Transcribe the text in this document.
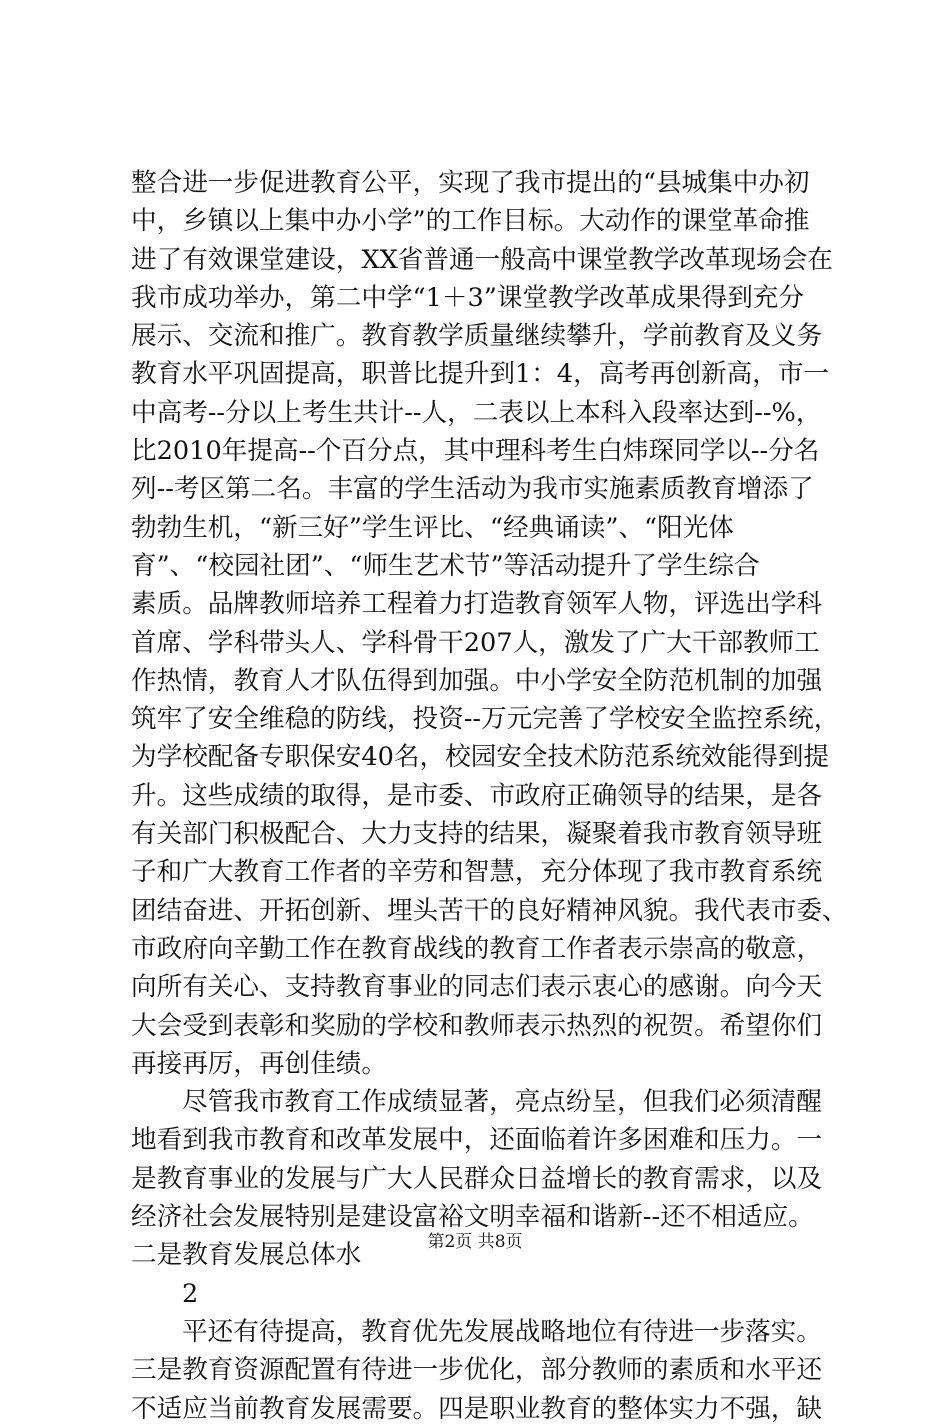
整合进一步促进教育公平，实现了我市提出的“县城集中办初
中，乡镇以上集中办小学”的工作目标。大动作的课堂革命推
进了有效课堂建设，XX省普通一般高中课堂教学改革现场会在
我市成功举办，第二中学“1＋3”课堂教学改革成果得到充分
展示、交流和推广。教育教学质量继续攀升，学前教育及义务
教育水平巩固提高，职普比提升到1：4，高考再创新高，市一
中高考--分以上考生共计--人，二表以上本科入段率达到--%，
比2010年提高--个百分点，其中理科考生白炜琛同学以--分名
列--考区第二名。丰富的学生活动为我市实施素质教育增添了
勃勃生机，“新三好”学生评比、“经典诵读”、“阳光体
育”、“校园社团”、“师生艺术节”等活动提升了学生综合
素质。品牌教师培养工程着力打造教育领军人物，评选出学科
首席、学科带头人、学科骨干207人，激发了广大干部教师工
作热情，教育人才队伍得到加强。中小学安全防范机制的加强
筑牢了安全维稳的防线，投资--万元完善了学校安全监控系统，
为学校配备专职保安40名，校园安全技术防范系统效能得到提
升。这些成绩的取得，是市委、市政府正确领导的结果，是各
有关部门积极配合、大力支持的结果，凝聚着我市教育领导班
子和广大教育工作者的辛劳和智慧，充分体现了我市教育系统
团结奋进、开拓创新、埋头苦干的良好精神风貌。我代表市委、
市政府向辛勤工作在教育战线的教育工作者表示崇高的敬意，
向所有关心、支持教育事业的同志们表示衷心的感谢。向今天
大会受到表彰和奖励的学校和教师表示热烈的祝贺。希望你们
再接再厉，再创佳绩。
尽管我市教育工作成绩显著，亮点纷呈，但我们必须清醒
地看到我市教育和改革发展中，还面临着许多困难和压力。一
是教育事业的发展与广大人民群众日益增长的教育需求，以及
经济社会发展特别是建设富裕文明幸福和谐新--还不相适应。
二是教育发展总体水
2
平还有待提高，教育优先发展战略地位有待进一步落实。
三是教育资源配置有待进一步优化，部分教师的素质和水平还
不适应当前教育发展需要。四是职业教育的整体实力不强，缺
第2页 共8页
